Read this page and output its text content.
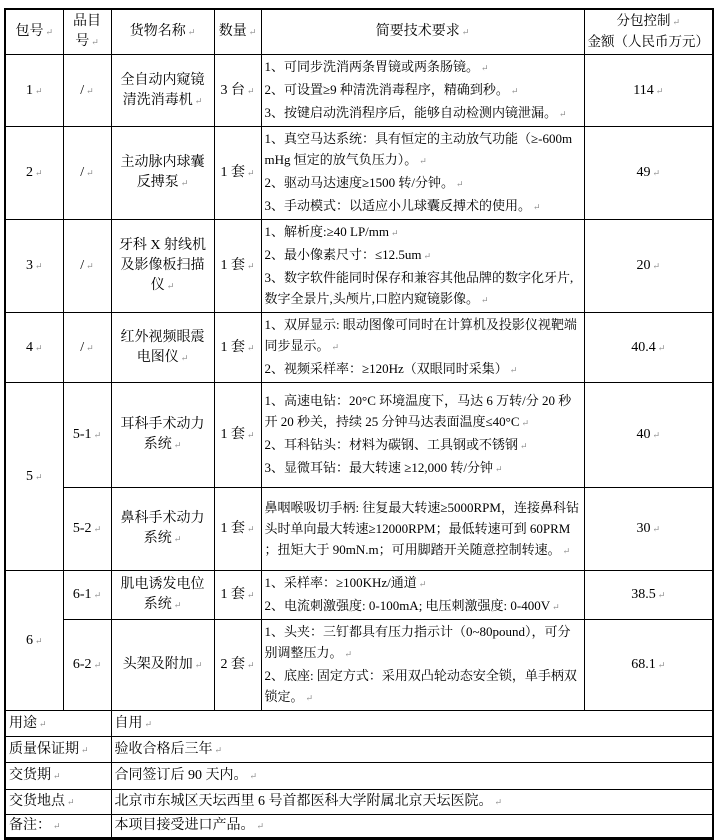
包号 ↵	品目号 ↵	货物名称 ↵	数量 ↵	简要技术要求 ↵	分包控制 ↵
金额（人民币万元） ↵

1 ↵	/ ↵	全自动内窥镜清洗消毒机 ↵	3 台 ↵	1、可同步洗消两条胃镜或两条肠镜。 ↵
2、可设置≥9 种清洗消毒程序，精确到秒。 ↵
3、按键启动洗消程序后，能够自动检测内镜泄漏。 ↵	114 ↵
2 ↵	/ ↵	主动脉内球囊反搏泵 ↵	1 套 ↵	1、真空马达系统：具有恒定的主动放气功能（≥-600mmHg 恒定的放气负压力）。 ↵
2、驱动马达速度≥1500 转/分钟。 ↵
3、手动模式：以适应小儿球囊反搏术的使用。 ↵	49 ↵
3 ↵	/ ↵	牙科 X 射线机及影像板扫描仪 ↵	1 套 ↵	1、解析度:≥40 LP/mm ↵
2、最小像素尺寸：≤12.5um ↵
3、数字软件能同时保存和兼容其他品牌的数字化牙片,数字全景片,头颅片,口腔内窥镜影像。 ↵	20 ↵
4 ↵	/ ↵	红外视频眼震电图仪 ↵	1 套 ↵	1、双屏显示: 眼动图像可同时在计算机及投影仪视靶端同步显示。 ↵
2、视频采样率：≥120Hz（双眼同时采集） ↵	40.4 ↵
5 ↵	5-1 ↵	耳科手术动力系统 ↵	1 套 ↵	1、高速电钻：20°C 环境温度下，马达 6 万转/分 20 秒开 20 秒关，持续 25 分钟马达表面温度≤40°C ↵
2、耳科钻头：材料为碳钢、工具钢或不锈钢 ↵
3、显微耳钻：最大转速 ≥12,000 转/分钟 ↵	40 ↵
	5-2 ↵	鼻科手术动力系统 ↵	1 套 ↵	鼻咽喉吸切手柄: 往复最大转速≥5000RPM，连接鼻科钻头时单向最大转速≥12000RPM；最低转速可到 60PRM ；扭矩大于 90mN.m；可用脚踏开关随意控制转速。 ↵	30 ↵
6 ↵	6-1 ↵	肌电诱发电位系统 ↵	1 套 ↵	1、采样率：≥100KHz/通道 ↵
2、电流刺激强度: 0-100mA; 电压刺激强度: 0-400V ↵	38.5 ↵
	6-2 ↵	头架及附加 ↵	2 套 ↵	1、头夹：三钉都具有压力指示计（0~80pound），可分别调整压力。 ↵
2、底座: 固定方式：采用双凸轮动态安全锁，单手柄双锁定。 ↵	68.1 ↵
用途 ↵		自用 ↵
质量保证期 ↵		验收合格后三年 ↵
交货期 ↵		合同签订后 90 天内。 ↵
交货地点 ↵		北京市东城区天坛西里 6 号首都医科大学附属北京天坛医院。 ↵
备注： ↵		本项目接受进口产品。 ↵
